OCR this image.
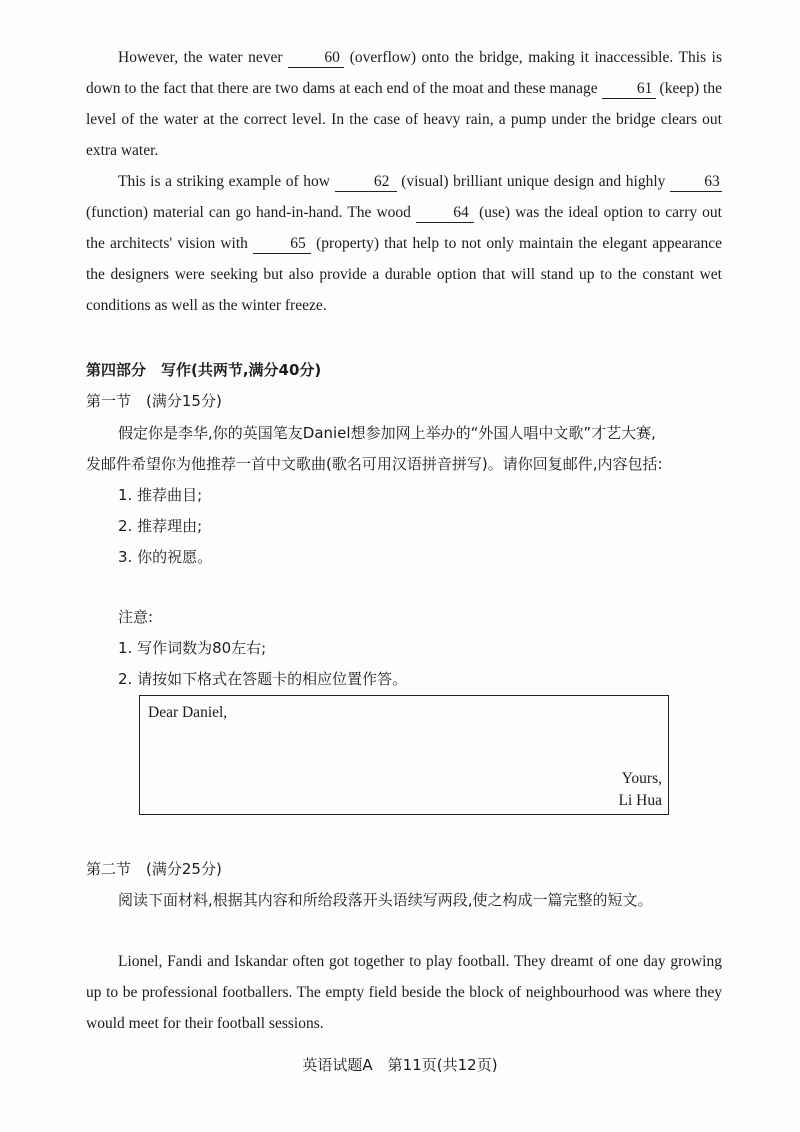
However, the water never 60 (overflow) onto the bridge, making it inaccessible. This is down to the fact that there are two dams at each end of the moat and these manage 61 (keep) the level of the water at the correct level. In the case of heavy rain, a pump under the bridge clears out extra water.
This is a striking example of how	62 (visual) brilliant unique design and highly 63 (function) material can go hand-in-hand. The wood 64 (use) was the ideal option to carry out the architects' vision with 65 (property) that help to not only maintain the elegant appearance the designers were seeking but also provide a durable option that will stand up to the constant wet conditions as well as the winter freeze.
第四部分　写作(共两节,满分40分)
第一节　(满分15分)
假定你是李华,你的英国笔友Daniel想参加网上举办的“外国人唱中文歌”才艺大赛,
发邮件希望你为他推荐一首中文歌曲(歌名可用汉语拼音拼写)。请你回复邮件,内容包括:
1. 推荐曲目;
2. 推荐理由;
3. 你的祝愿。
注意:
1. 写作词数为80左右;
2. 请按如下格式在答题卡的相应位置作答。
Dear Daniel,
Yours,
Li Hua
第二节　(满分25分)
阅读下面材料,根据其内容和所给段落开头语续写两段,使之构成一篇完整的短文。
Lionel, Fandi and Iskandar often got together to play football. They dreamt of one day growing up to be professional footballers. The empty field beside the block of neighbourhood was where they would meet for their football sessions.
英语试题A　第11页(共12页)
